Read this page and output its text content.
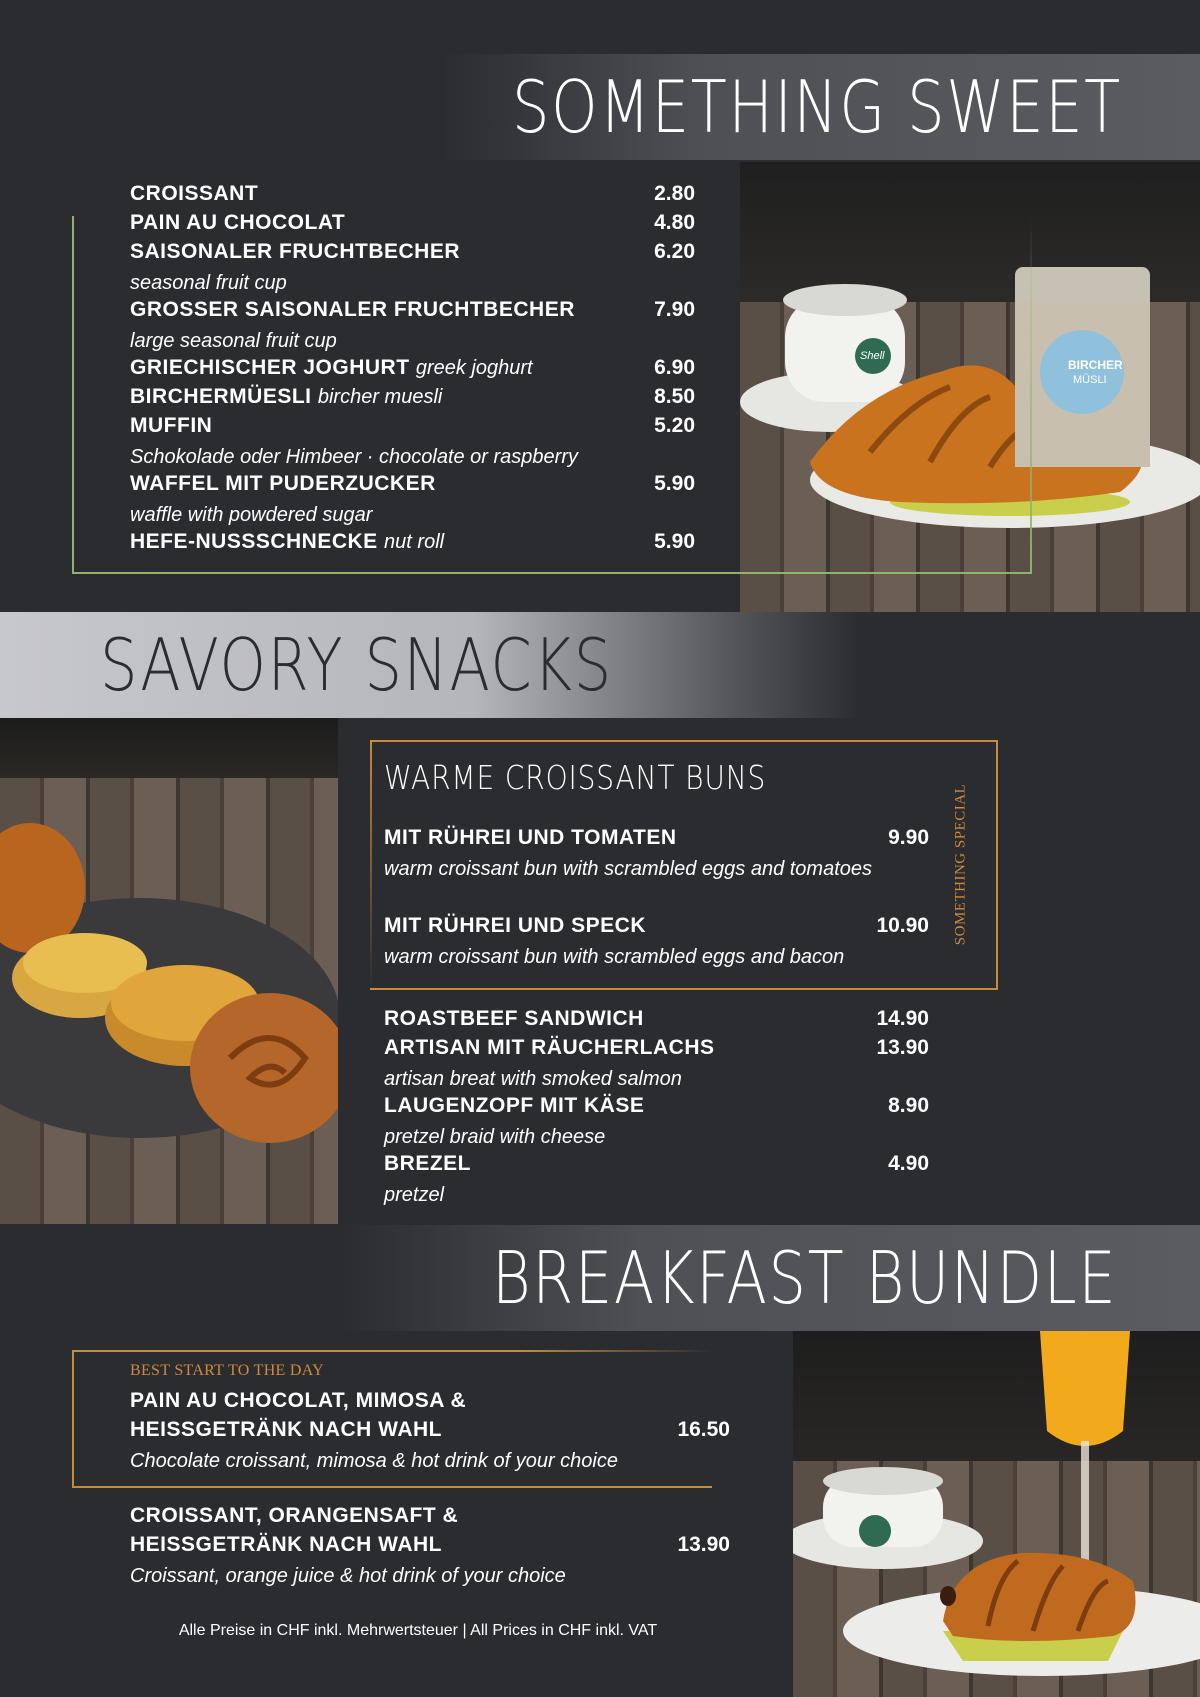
SOMETHING SWEET
BIRCHER
MÜSLI
Shell
CROISSANT	2.80
PAIN AU CHOCOLAT	4.80
SAISONALER FRUCHTBECHER	6.20
seasonal fruit cup
GROSSER SAISONALER FRUCHTBECHER	7.90
large seasonal fruit cup
GRIECHISCHER JOGHURT greek joghurt	6.90
BIRCHERMÜESLI bircher muesli	8.50
MUFFIN	5.20
Schokolade oder Himbeer · chocolate or raspberry
WAFFEL MIT PUDERZUCKER	5.90
waffle with powdered sugar
HEFE-NUSSSCHNECKE nut roll	5.90
SAVORY SNACKS
WARME CROISSANT BUNS
SOMETHING SPECIAL
MIT RÜHREI UND TOMATEN	9.90
warm croissant bun with scrambled eggs and tomatoes
MIT RÜHREI UND SPECK	10.90
warm croissant bun with scrambled eggs and bacon
ROASTBEEF SANDWICH	14.90
ARTISAN MIT RÄUCHERLACHS	13.90
artisan breat with smoked salmon
LAUGENZOPF MIT KÄSE	8.90
pretzel braid with cheese
BREZEL	4.90
pretzel
BREAKFAST BUNDLE
BEST START TO THE DAY
PAIN AU CHOCOLAT, MIMOSA &
HEISSGETRÄNK NACH WAHL	16.50
Chocolate croissant, mimosa & hot drink of your choice
CROISSANT, ORANGENSAFT &
HEISSGETRÄNK NACH WAHL	13.90
Croissant, orange juice & hot drink of your choice
Alle Preise in CHF inkl. Mehrwertsteuer | All Prices in CHF inkl. VAT
